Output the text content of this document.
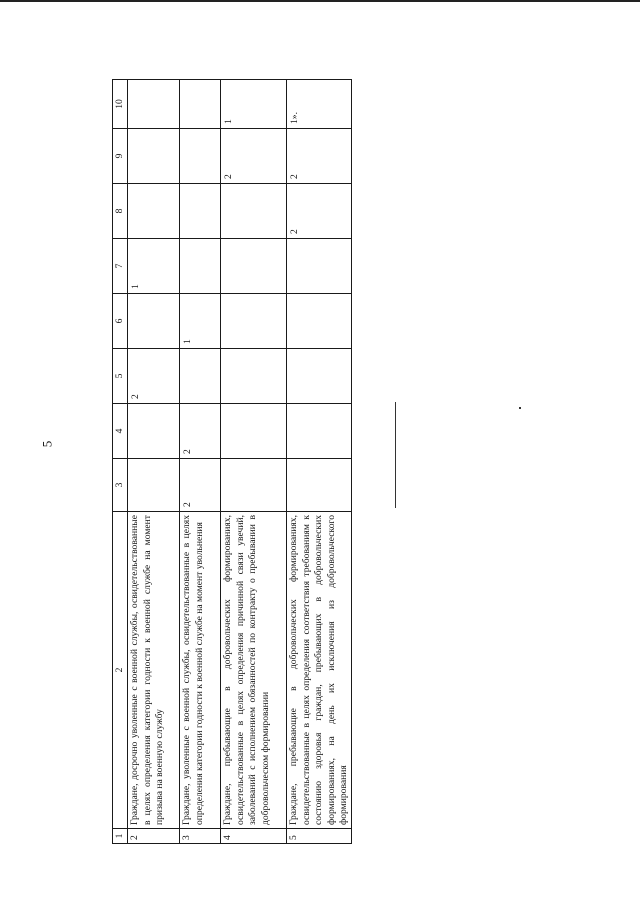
5
1	2	3	4	5	6	7	8	9	10
2	Граждане, досрочно уволенные с военной службы, освидетельствованные в целях определения категории годности к военной службе на момент призыва на военную службу			2		1			
3	Граждане, уволенные с военной службы, освидетельствованные в целях определения категории годности к военной службе на момент увольнения	2	2		1				
4	Граждане, пребывающие в добровольческих формированиях, освидетельствованные в целях определения причинной связи увечий, заболеваний с исполнением обязанностей по контракту о пребывании в добровольческом формировании							2	1
5	Граждане, пребывающие в добровольческих формированиях, освидетельствованные в целях определения соответствия требованиям к состоянию здоровья граждан, пребывающих в добровольческих формированиях, на день их исключения из добровольческого формирования						2	2	1».
